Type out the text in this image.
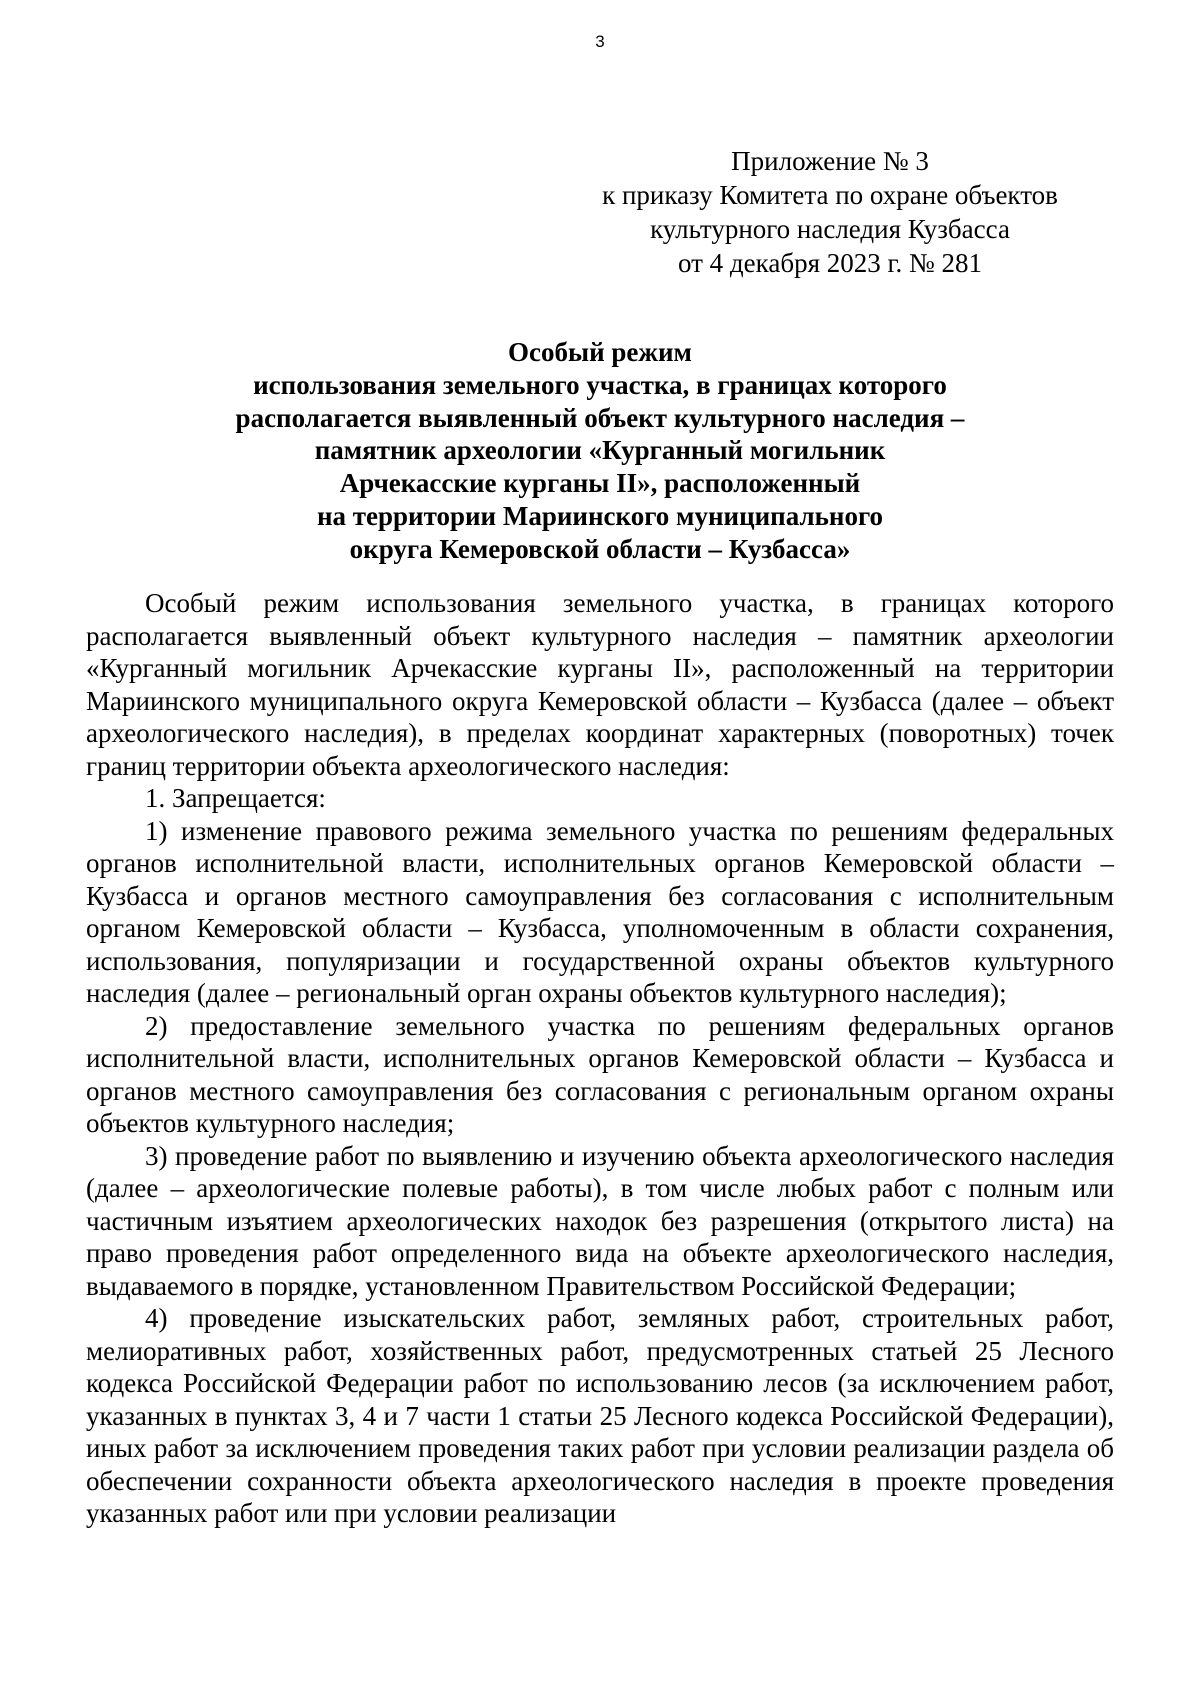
3
Приложение № 3
к приказу Комитета по охране объектов
культурного наследия Кузбасса
от 4 декабря 2023 г. № 281
Особый режим
использования земельного участка, в границах которого
располагается выявленный объект культурного наследия –
памятник археологии «Курганный могильник
Арчекасские курганы II», расположенный
на территории Мариинского муниципального
округа Кемеровской области – Кузбасса»

Особый режим использования земельного участка, в границах которого располагается выявленный объект культурного наследия – памятник археологии «Курганный могильник Арчекасские курганы II», расположенный на территории Мариинского муниципального округа Кемеровской области – Кузбасса (далее – объект археологического наследия), в пределах координат характерных (поворотных) точек границ территории объекта археологического наследия:

1. Запрещается:

1) изменение правового режима земельного участка по решениям федеральных органов исполнительной власти, исполнительных органов Кемеровской области – Кузбасса и органов местного самоуправления без согласования с исполнительным органом Кемеровской области – Кузбасса, уполномоченным в области сохранения, использования, популяризации и государственной охраны объектов культурного наследия (далее – региональный орган охраны объектов культурного наследия);

2) предоставление земельного участка по решениям федеральных органов исполнительной власти, исполнительных органов Кемеровской области – Кузбасса и органов местного самоуправления без согласования с региональным органом охраны объектов культурного наследия;

3) проведение работ по выявлению и изучению объекта археологического наследия (далее – археологические полевые работы), в том числе любых работ с полным или частичным изъятием археологических находок без разрешения (открытого листа) на право проведения работ определенного вида на объекте археологического наследия, выдаваемого в порядке, установленном Правительством Российской Федерации;

4) проведение изыскательских работ, земляных работ, строительных работ, мелиоративных работ, хозяйственных работ, предусмотренных статьей 25 Лесного кодекса Российской Федерации работ по использованию лесов (за исключением работ, указанных в пунктах 3, 4 и 7 части 1 статьи 25 Лесного кодекса Российской Федерации), иных работ за исключением проведения таких работ при условии реализации раздела об обеспечении сохранности объекта археологического наследия в проекте проведения указанных работ или при условии реализации
